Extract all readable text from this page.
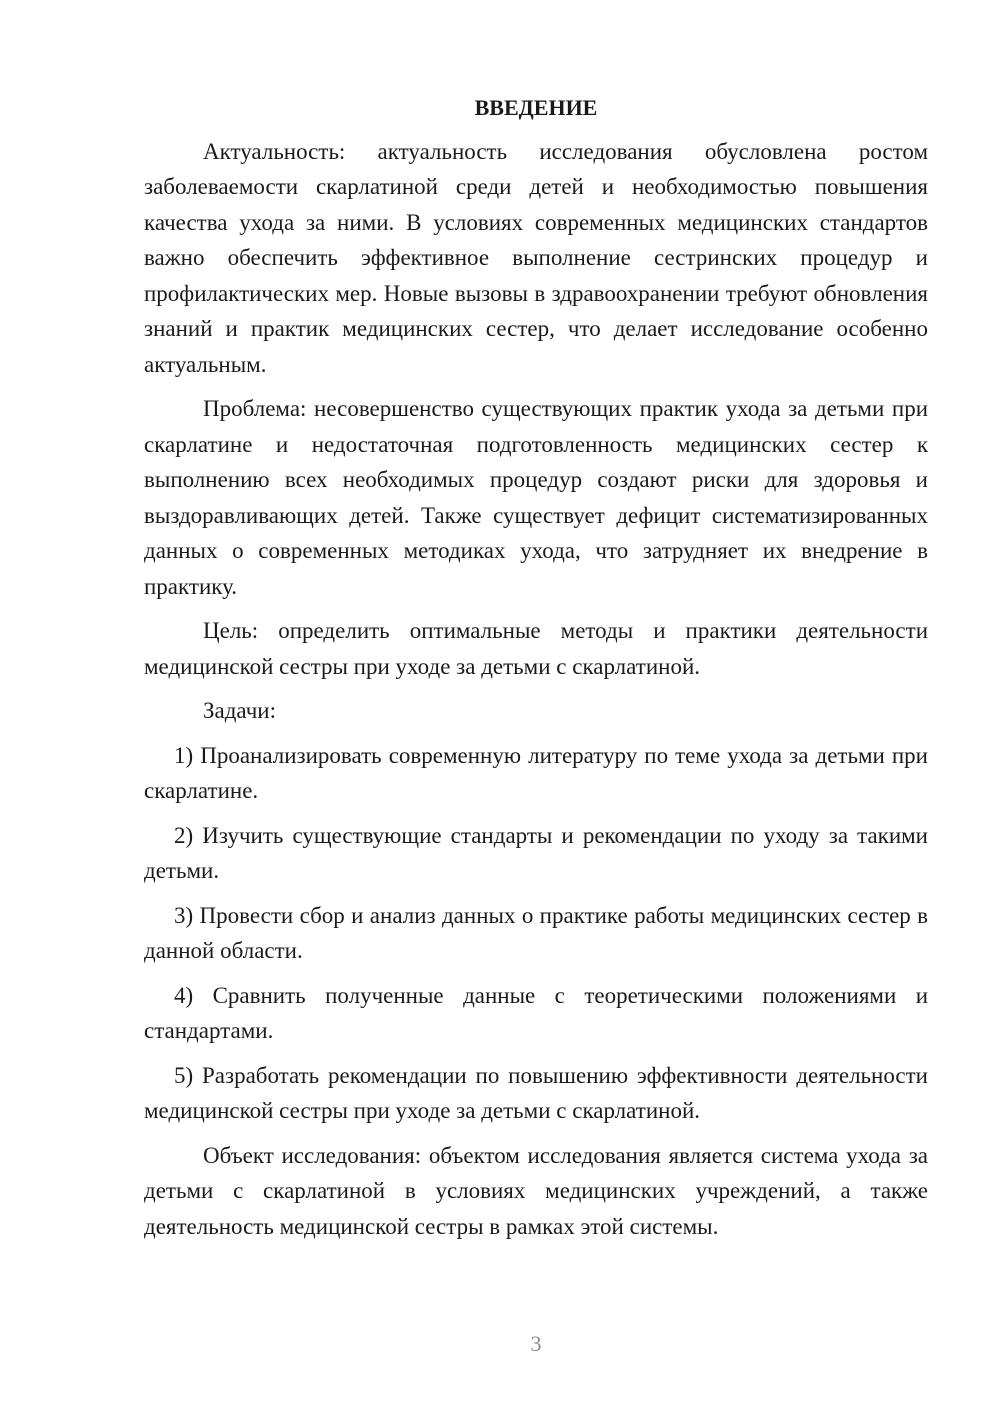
ВВЕДЕНИЕ

Актуальность: актуальность исследования обусловлена ростом заболеваемости скарлатиной среди детей и необходимостью повышения качества ухода за ними. В условиях современных медицинских стандартов важно обеспечить эффективное выполнение сестринских процедур и профилактических мер. Новые вызовы в здравоохранении требуют обновления знаний и практик медицинских сестер, что делает исследование особенно актуальным.

Проблема: несовершенство существующих практик ухода за детьми при скарлатине и недостаточная подготовленность медицинских сестер к выполнению всех необходимых процедур создают риски для здоровья и выздоравливающих детей. Также существует дефицит систематизированных данных о современных методиках ухода, что затрудняет их внедрение в практику.

Цель: определить оптимальные методы и практики деятельности медицинской сестры при уходе за детьми с скарлатиной.

Задачи:

1) Проанализировать современную литературу по теме ухода за детьми при скарлатине.

2) Изучить существующие стандарты и рекомендации по уходу за такими детьми.

3) Провести сбор и анализ данных о практике работы медицинских сестер в данной области.

4) Сравнить полученные данные с теоретическими положениями и стандартами.

5) Разработать рекомендации по повышению эффективности деятельности медицинской сестры при уходе за детьми с скарлатиной.

Объект исследования: объектом исследования является система ухода за детьми с скарлатиной в условиях медицинских учреждений, а также деятельность медицинской сестры в рамках этой системы.

3
